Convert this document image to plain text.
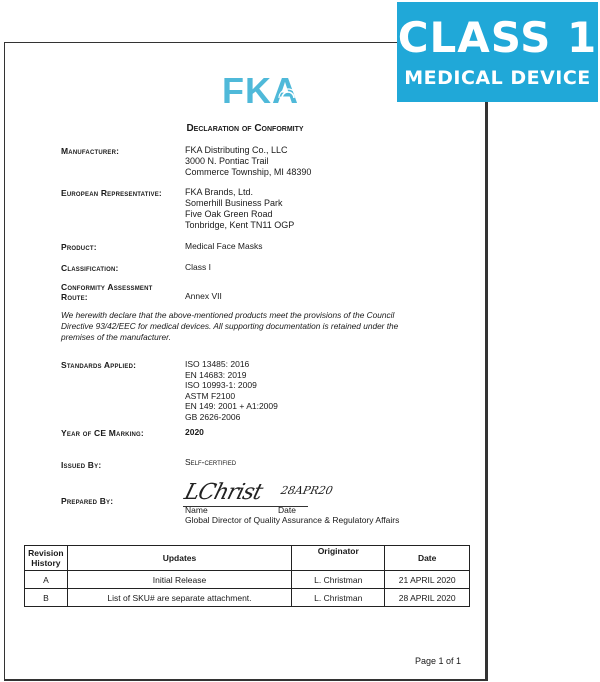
CLASS 1
MEDICAL DEVICE
FKA
Declaration of Conformity
Manufacturer:	FKA Distributing Co., LLC
3000 N. Pontiac Trail
Commerce Township, MI 48390
European Representative:	FKA Brands, Ltd.
Somerhill Business Park
Five Oak Green Road
Tonbridge, Kent TN11 OGP
Product:	Medical Face Masks
Classification:	Class I
Conformity Assessment
Route:	Annex VII
We herewith declare that the above-mentioned products meet the provisions of the Council Directive 93/42/EEC for medical devices. All supporting documentation is retained under the premises of the manufacturer.
Standards Applied:	ISO 13485: 2016
EN 14683: 2019
ISO 10993-1: 2009
ASTM F2100
EN 149: 2001 + A1:2009
GB 2626-2006
Year of CE Marking:	2020
Issued By:	Self-certified
Prepared By:	LChrist 28APR20
Name	Date
Global Director of Quality Assurance & Regulatory Affairs
Revision
History	Updates	Originator	Date
A	Initial Release	L. Christman	21 APRIL 2020
B	List of SKU# are separate attachment.	L. Christman	28 APRIL 2020
Page 1 of 1
